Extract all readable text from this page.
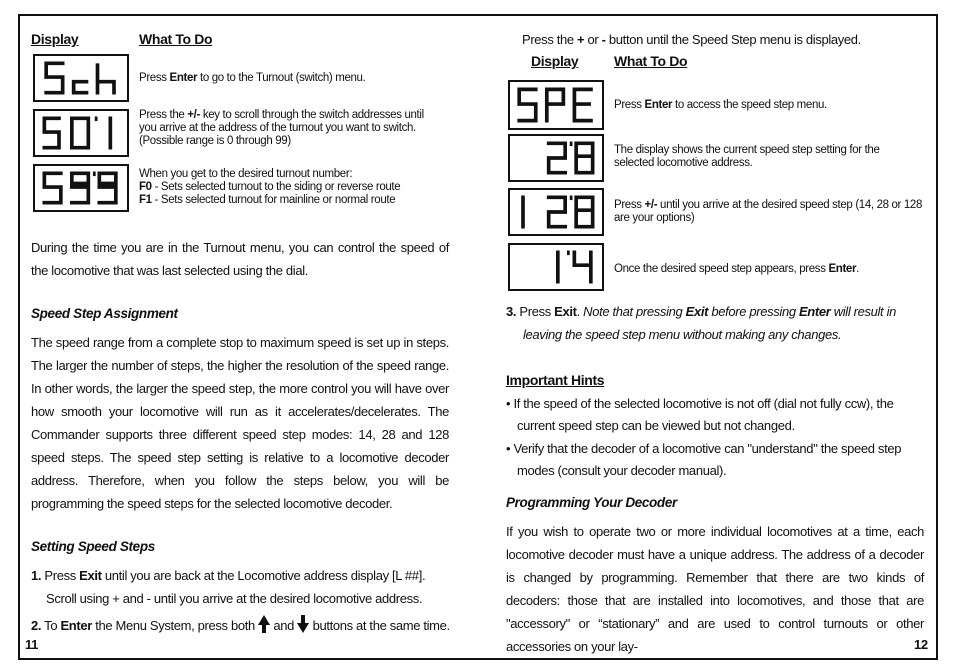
Display	What To Do
Press Enter to go to the Turnout (switch) menu.
Press the +/- key to scroll through the switch addresses until you arrive at the address of the turnout you want to switch. (Possible range is 0 through 99)
When you get to the desired turnout number:
F0 - Sets selected turnout to the siding or reverse route
F1 - Sets selected turnout for mainline or normal route
During the time you are in the Turnout menu, you can control the speed of the locomotive that was last selected using the dial.
Speed Step Assignment
The speed range from a complete stop to maximum speed is set up in steps. The larger the number of steps, the higher the resolution of the speed range. In other words, the larger the speed step, the more control you will have over how smooth your locomotive will run as it accelerates/decelerates. The Commander supports three different speed step modes: 14, 28 and 128 speed steps. The speed step setting is relative to a locomotive decoder address. Therefore, when you follow the steps below, you will be programming the speed steps for the selected locomotive decoder.
Setting Speed Steps
1. Press Exit until you are back at the Locomotive address display [L ##].
Scroll using + and - until you arrive at the desired locomotive address.
2. To Enter the Menu System, press both  and  buttons at the same time.
11
Press the + or - button until the Speed Step menu is displayed.
Display	What To Do
Press Enter to access the speed step menu.
The display shows the current speed step setting for the selected locomotive address.
Press +/- until you arrive at the desired speed step (14, 28 or 128 are your options)
Once the desired speed step appears, press Enter.
3. Press Exit. Note that pressing Exit before pressing Enter will result in
leaving the speed step menu without making any changes.
Important Hints
• If the speed of the selected locomotive is not off (dial not fully ccw), the
current speed step can be viewed but not changed.
• Verify that the decoder of a locomotive can "understand" the speed step
modes (consult your decoder manual).
Programming Your Decoder
If you wish to operate two or more individual locomotives at a time, each locomotive decoder must have a unique address. The address of a decoder is changed by programming. Remember that there are two kinds of decoders: those that are installed into locomotives, and those that are "accessory" or “stationary” and are used to control turnouts or other accessories on your lay-	12
